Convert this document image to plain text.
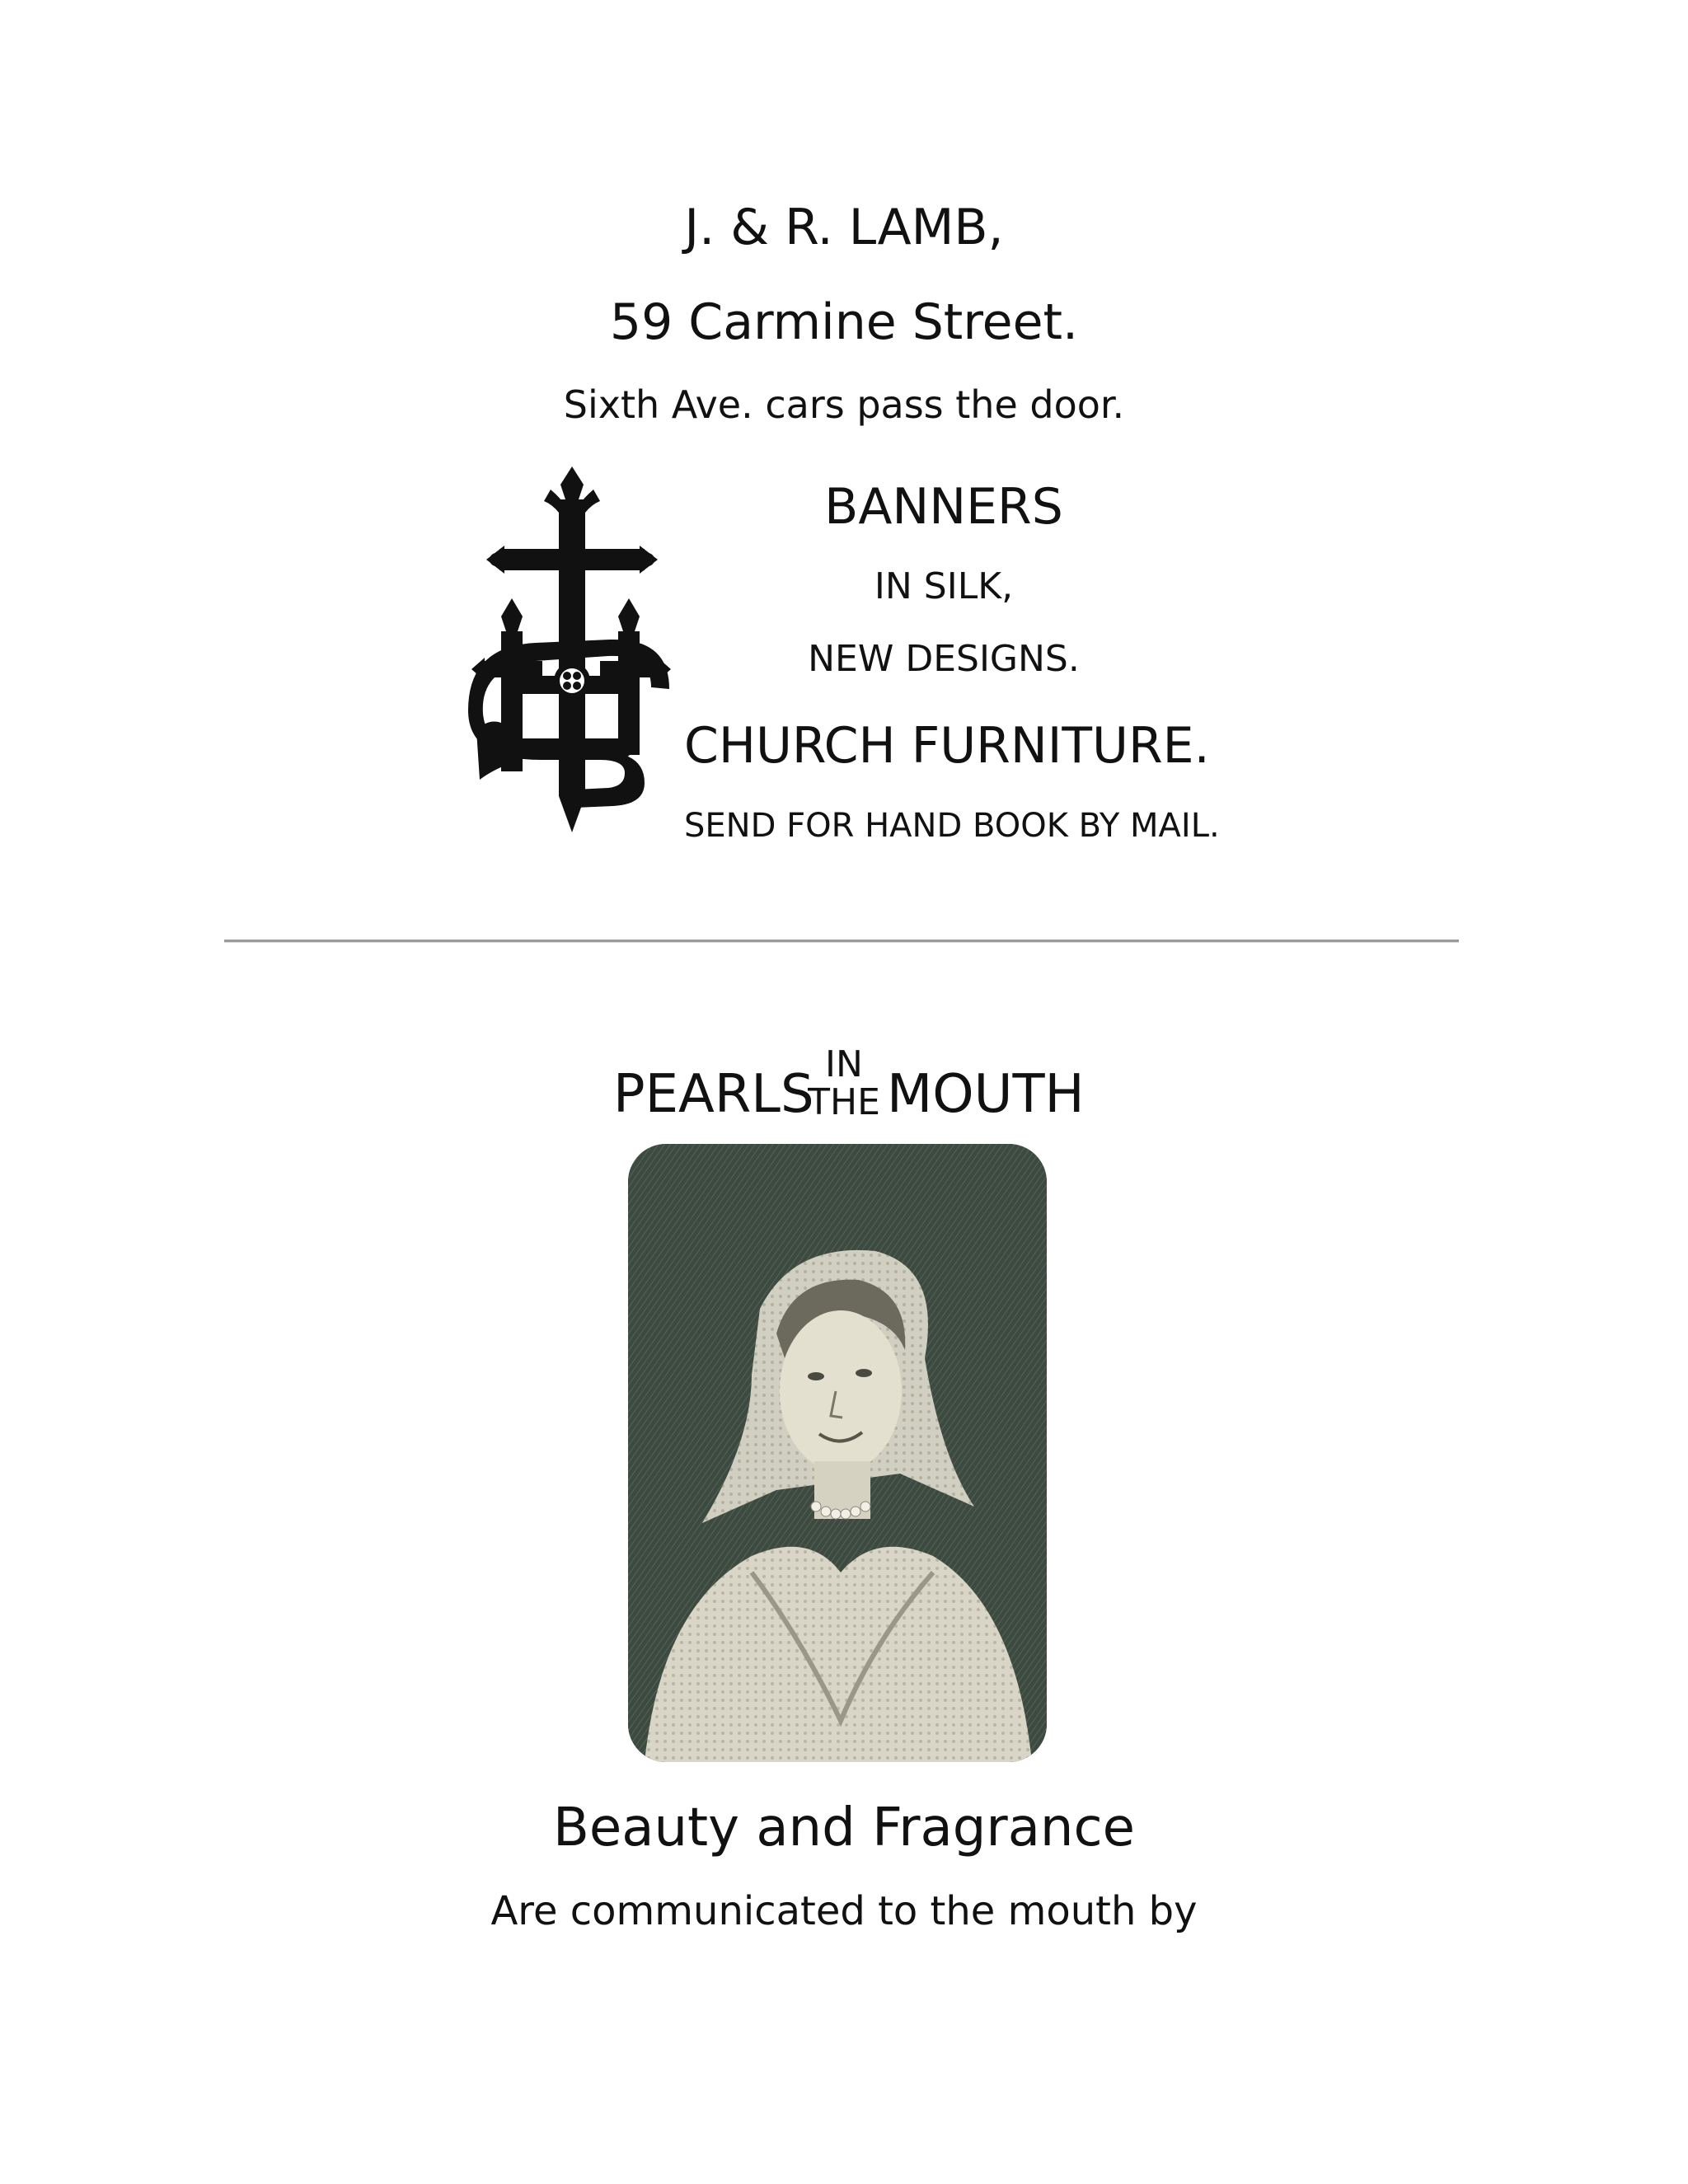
J. & R. LAMB,
59 Carmine Street.
Sixth Ave. cars pass the door.
BANNERS
IN SILK,
NEW DESIGNS.
CHURCH FURNITURE.
SEND FOR HAND BOOK BY MAIL.
PEARLS IN
THE MOUTH
Beauty and Fragrance
Are communicated to the mouth by
